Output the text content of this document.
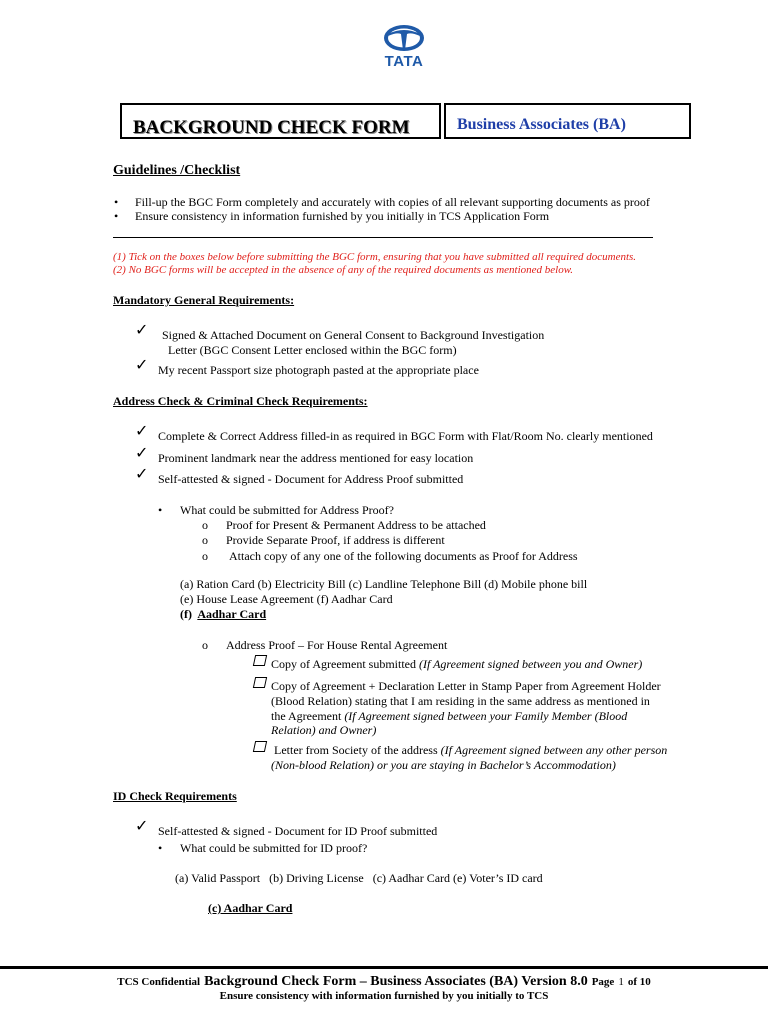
TATA
BACKGROUND CHECK FORM	Business Associates (BA)
Guidelines /Checklist
• Fill-up the BGC Form completely and accurately with copies of all relevant supporting documents as proof
• Ensure consistency in information furnished by you initially in TCS Application Form
(1) Tick on the boxes below before submitting the BGC form, ensuring that you have submitted all required documents.
(2) No BGC forms will be accepted in the absence of any of the required documents as mentioned below.
Mandatory General Requirements:
✓ Signed & Attached Document on General Consent to Background Investigation
Letter (BGC Consent Letter enclosed within the BGC form)
✓ My recent Passport size photograph pasted at the appropriate place
Address Check & Criminal Check Requirements:
✓ Complete & Correct Address filled-in as required in BGC Form with Flat/Room No. clearly mentioned
✓ Prominent landmark near the address mentioned for easy location
✓ Self-attested & signed - Document for Address Proof submitted
• What could be submitted for Address Proof?
o Proof for Present & Permanent Address to be attached
o Provide Separate Proof, if address is different
o Attach copy of any one of the following documents as Proof for Address
(a) Ration Card (b) Electricity Bill (c) Landline Telephone Bill (d) Mobile phone bill
(e) House Lease Agreement (f) Aadhar Card
(f)  Aadhar Card
o Address Proof – For House Rental Agreement
Copy of Agreement submitted (If Agreement signed between you and Owner)
Copy of Agreement + Declaration Letter in Stamp Paper from Agreement Holder
(Blood Relation) stating that I am residing in the same address as mentioned in
the Agreement (If Agreement signed between your Family Member (Blood
Relation) and Owner)
Letter from Society of the address (If Agreement signed between any other person
(Non-blood Relation) or you are staying in Bachelor’s Accommodation)
ID Check Requirements
✓ Self-attested & signed - Document for ID Proof submitted
• What could be submitted for ID proof?
(a) Valid Passport   (b) Driving License   (c) Aadhar Card (e) Voter’s ID card
(c) Aadhar Card
TCS Confidential Background Check Form – Business Associates (BA) Version 8.0 Page 1 of 10
Ensure consistency with information furnished by you initially to TCS
